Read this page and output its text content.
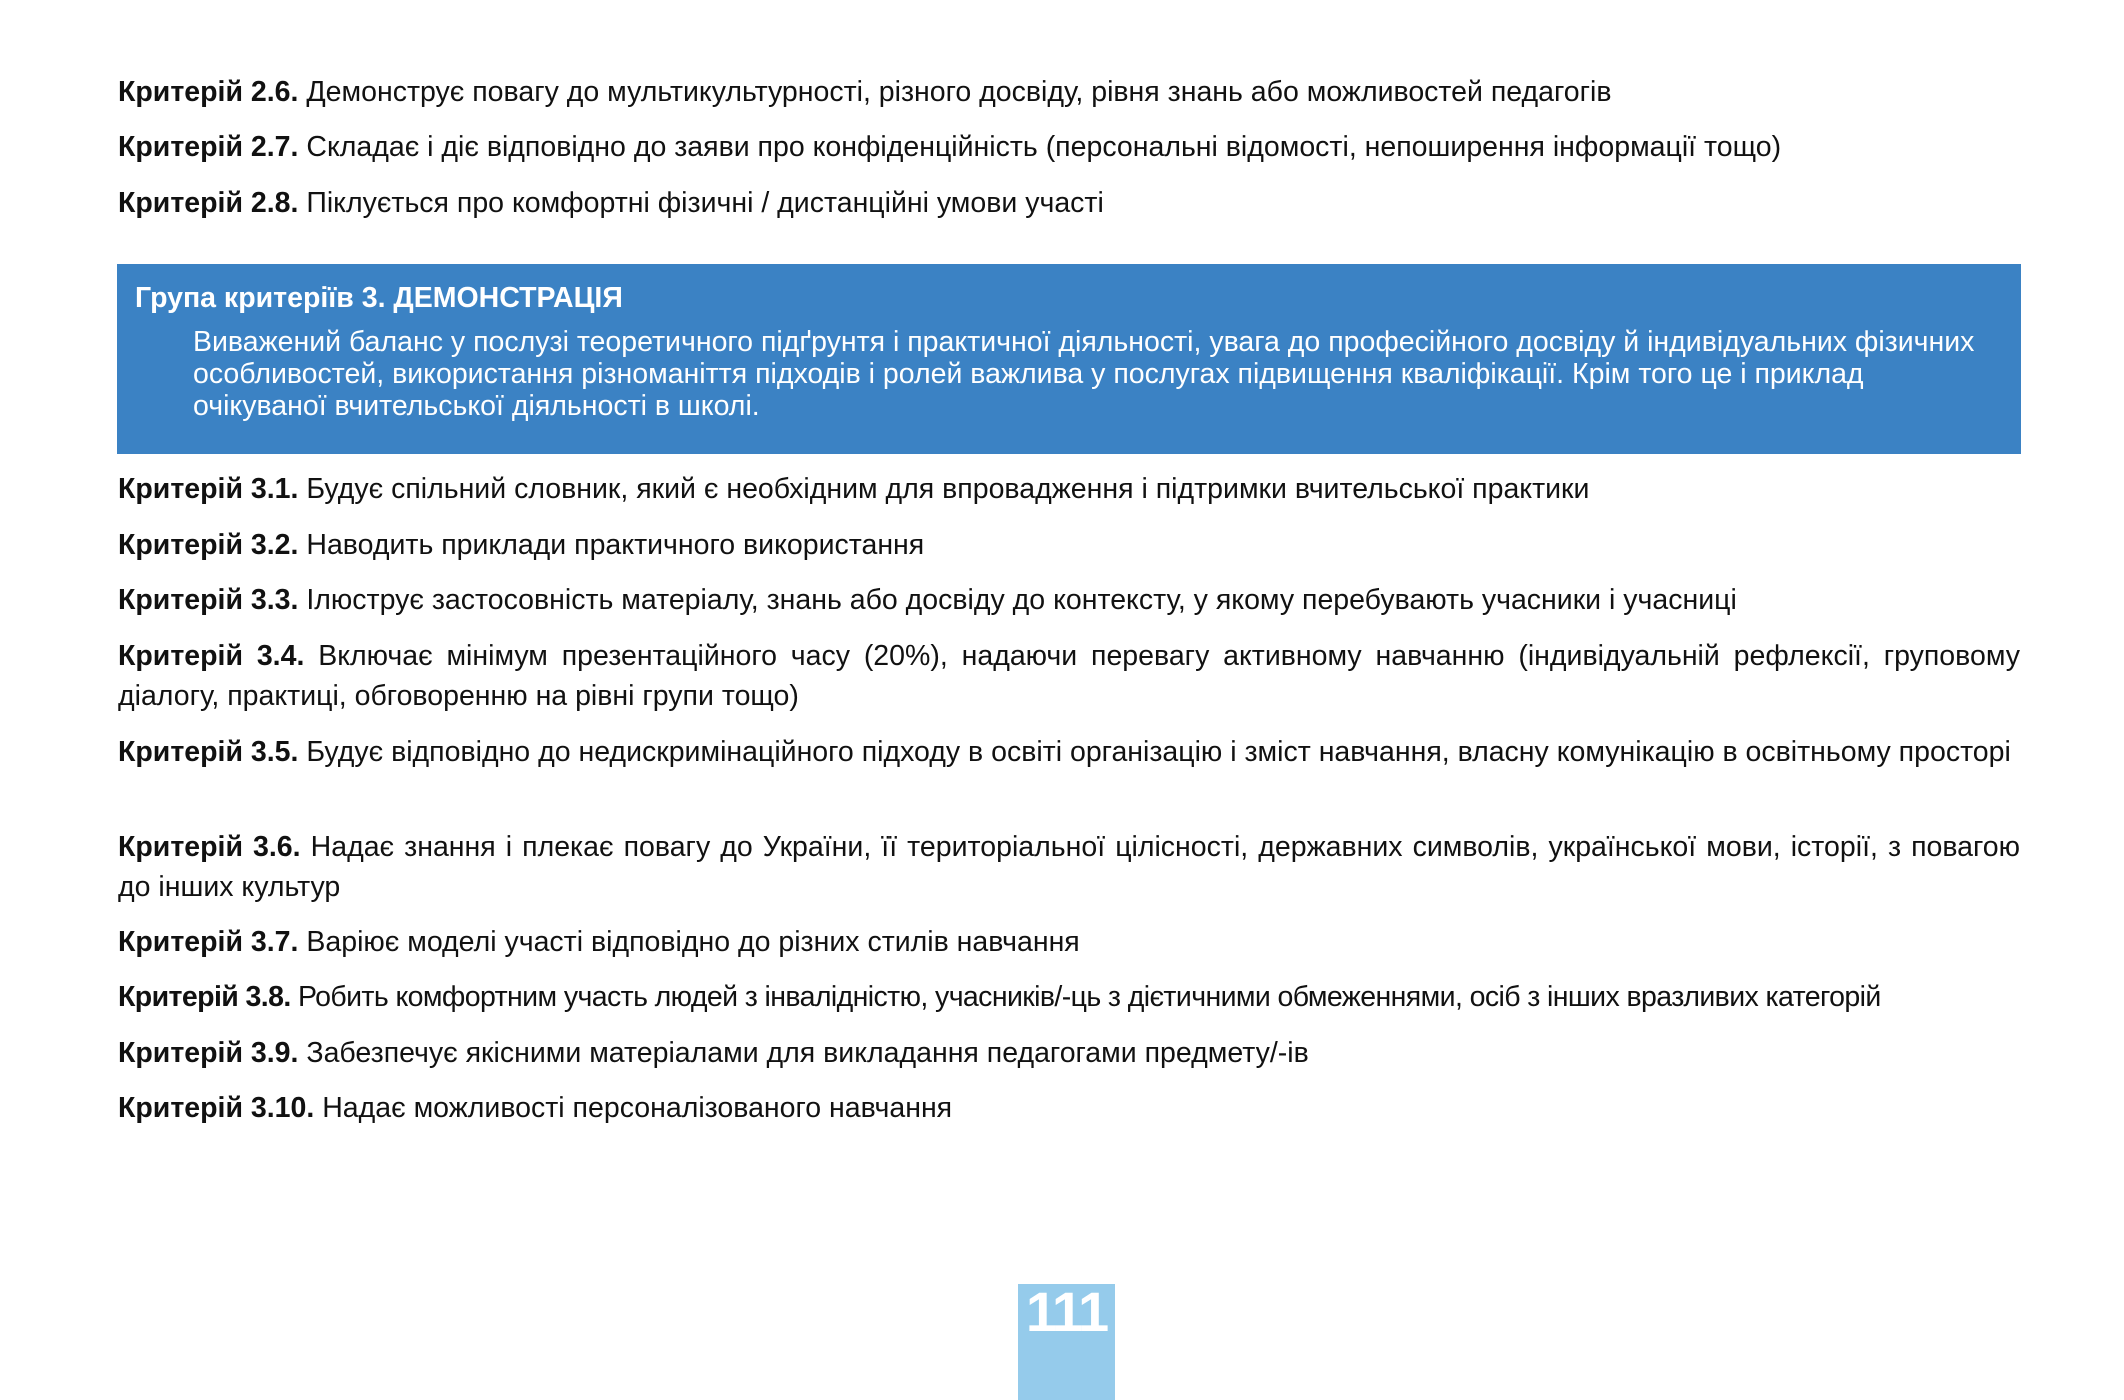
Критерій 2.6. Демонструє повагу до мультикультурності, різного досвіду, рівня знань або можливостей педагогів

Критерій 2.7. Складає і діє відповідно до заяви про конфіденційність (персональні відомості, непоширення інформації тощо)

Критерій 2.8. Піклується про комфортні фізичні / дистанційні умови участі

Група критеріїв 3. ДЕМОНСТРАЦІЯ

Виважений баланс у послузі теоретичного підґрунтя і практичної діяльності, увага до професійного досвіду й індивідуальних фізичних особливостей, використання різноманіття підходів і ролей важлива у послугах підвищення кваліфікації. Крім того це і приклад очікуваної вчительської діяльності в школі.

Критерій 3.1. Будує спільний словник, який є необхідним для впровадження і підтримки вчительської практики

Критерій 3.2. Наводить приклади практичного використання

Критерій 3.3. Ілюструє застосовність матеріалу, знань або досвіду до контексту, у якому перебувають учасники і учасниці

Критерій 3.4. Включає мінімум презентаційного часу (20%), надаючи перевагу активному навчанню (індивідуальній рефлексії, груповому діалогу, практиці, обговоренню на рівні групи тощо)

Критерій 3.5. Будує відповідно до недискримінаційного підходу в освіті організацію і зміст навчання, власну комунікацію в освітньому просторі

Критерій 3.6. Надає знання і плекає повагу до України, її територіальної цілісності, державних символів, української мови, історії, з повагою до інших культур

Критерій 3.7. Варіює моделі участі відповідно до різних стилів навчання

Критерій 3.8. Робить комфортним участь людей з інвалідністю, учасників/-ць з дієтичними обмеженнями, осіб з інших вразливих категорій

Критерій 3.9. Забезпечує якісними матеріалами для викладання педагогами предмету/-ів

Критерій 3.10. Надає можливості персоналізованого навчання

111
